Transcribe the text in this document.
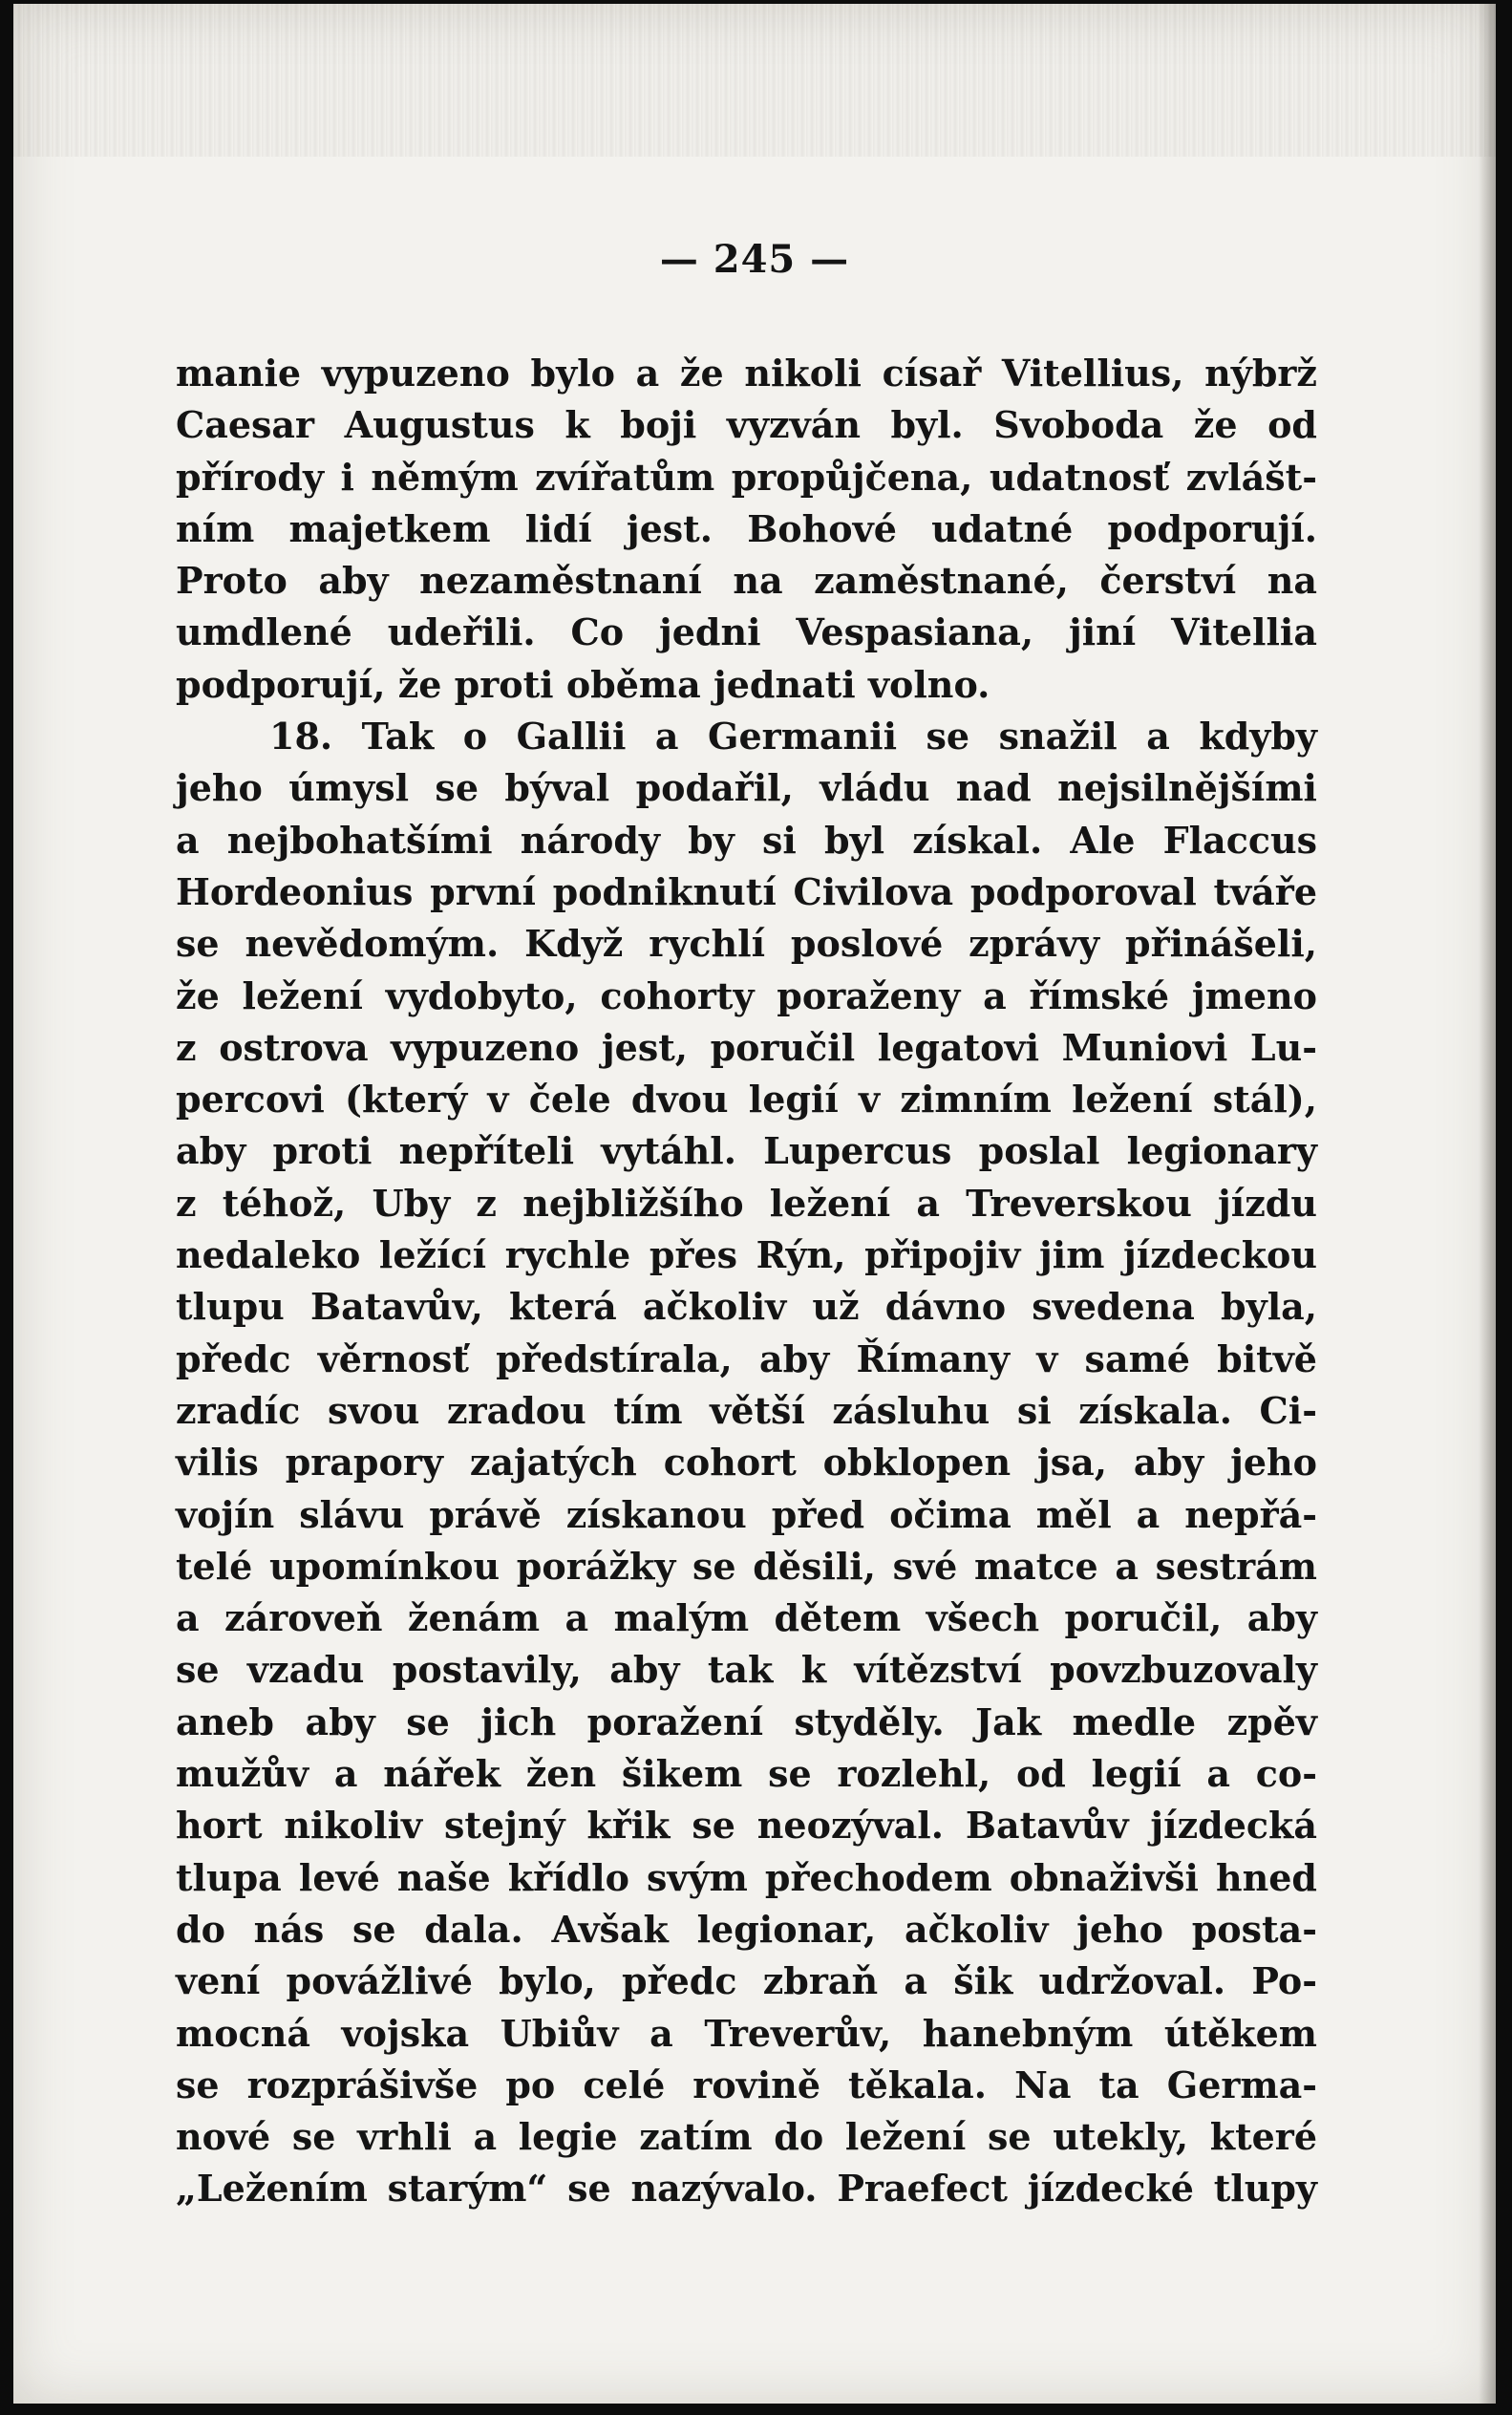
— 245 —
manie vypuzeno bylo a že nikoli císař Vitellius, nýbrž
Caesar Augustus k boji vyzván byl. Svoboda že od
přírody i němým zvířatům propůjčena, udatnosť zvlášt-
ním majetkem lidí jest. Bohové udatné podporují.
Proto aby nezaměstnaní na zaměstnané, čerství na
umdlené udeřili. Co jedni Vespasiana, jiní Vitellia
podporují, že proti oběma jednati volno.
18. Tak o Gallii a Germanii se snažil a kdyby
jeho úmysl se býval podařil, vládu nad nejsilnějšími
a nejbohatšími národy by si byl získal. Ale Flaccus
Hordeonius první podniknutí Civilova podporoval tváře
se nevědomým. Když rychlí poslové zprávy přinášeli,
že ležení vydobyto, cohorty poraženy a římské jmeno
z ostrova vypuzeno jest, poručil legatovi Muniovi Lu-
percovi (který v čele dvou legií v zimním ležení stál),
aby proti nepříteli vytáhl. Lupercus poslal legionary
z téhož, Uby z nejbližšího ležení a Treverskou jízdu
nedaleko ležící rychle přes Rýn, připojiv jim jízdeckou
tlupu Batavův, která ačkoliv už dávno svedena byla,
předc věrnosť předstírala, aby Římany v samé bitvě
zradíc svou zradou tím větší zásluhu si získala. Ci-
vilis prapory zajatých cohort obklopen jsa, aby jeho
vojín slávu právě získanou před očima měl a nepřá-
telé upomínkou porážky se děsili, své matce a sestrám
a zároveň ženám a malým dětem všech poručil, aby
se vzadu postavily, aby tak k vítězství povzbuzovaly
aneb aby se jich poražení styděly. Jak medle zpěv
mužův a nářek žen šikem se rozlehl, od legií a co-
hort nikoliv stejný křik se neozýval. Batavův jízdecká
tlupa levé naše křídlo svým přechodem obnaživši hned
do nás se dala. Avšak legionar, ačkoliv jeho posta-
vení povážlivé bylo, předc zbraň a šik udržoval. Po-
mocná vojska Ubiův a Treverův, hanebným útěkem
se rozprášivše po celé rovině těkala. Na ta Germa-
nové se vrhli a legie zatím do ležení se utekly, které
„Ležením starým“ se nazývalo. Praefect jízdecké tlupy
